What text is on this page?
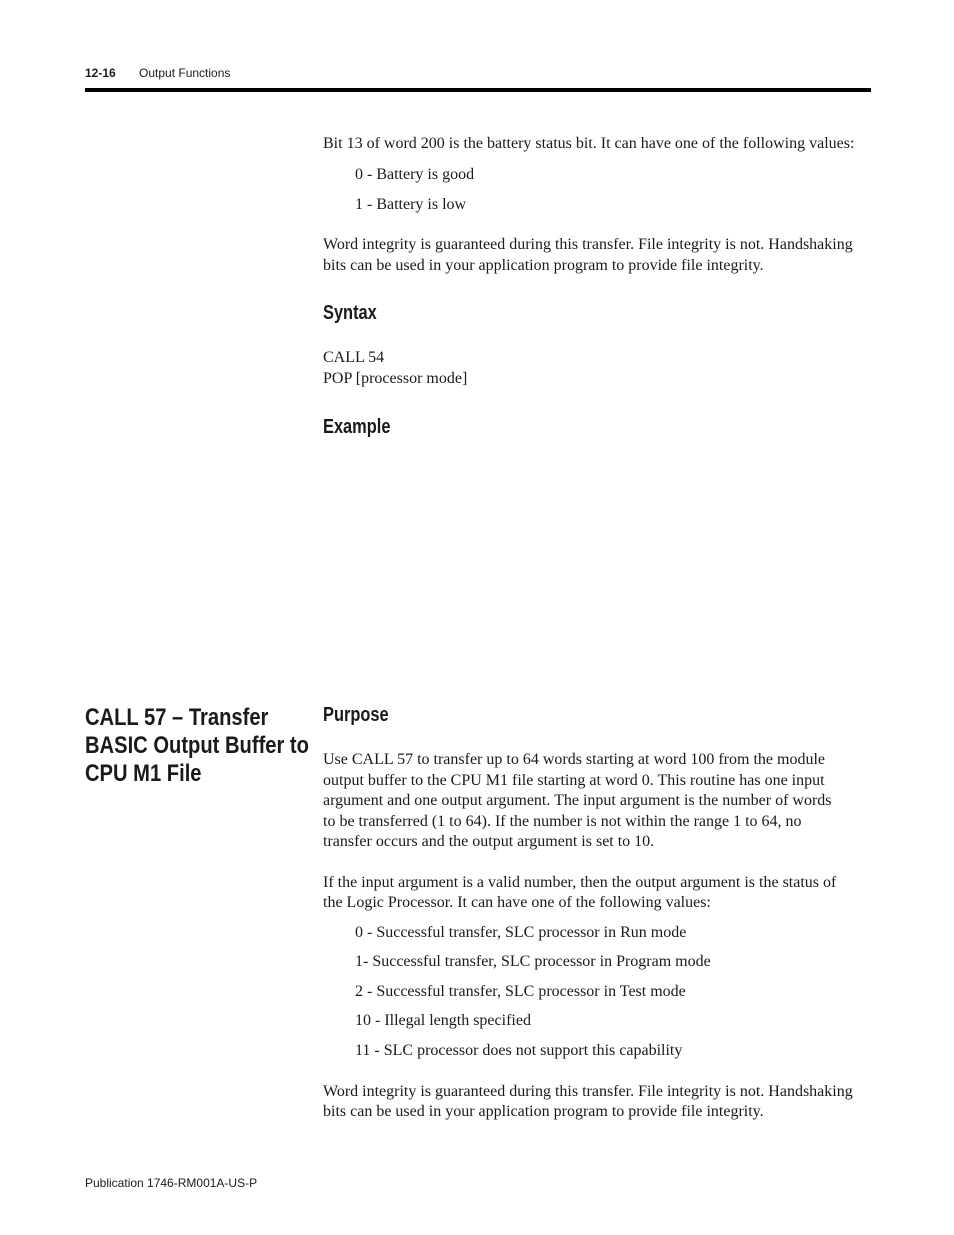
12-16 Output Functions
Bit 13 of word 200 is the battery status bit. It can have one of the following values:
0 - Battery is good
1 - Battery is low
Word integrity is guaranteed during this transfer. File integrity is not. Handshaking
bits can be used in your application program to provide file integrity.
Syntax
CALL 54
POP [processor mode]
Example
CALL 57 – Transfer
BASIC Output Buffer to
CPU M1 File
Purpose
Use CALL 57 to transfer up to 64 words starting at word 100 from the module
output buffer to the CPU M1 file starting at word 0. This routine has one input
argument and one output argument. The input argument is the number of words
to be transferred (1 to 64). If the number is not within the range 1 to 64, no
transfer occurs and the output argument is set to 10.
If the input argument is a valid number, then the output argument is the status of
the Logic Processor. It can have one of the following values:
0 - Successful transfer, SLC processor in Run mode
1- Successful transfer, SLC processor in Program mode
2 - Successful transfer, SLC processor in Test mode
10 - Illegal length specified
11 - SLC processor does not support this capability
Word integrity is guaranteed during this transfer. File integrity is not. Handshaking
bits can be used in your application program to provide file integrity.
Publication 1746-RM001A-US-P
